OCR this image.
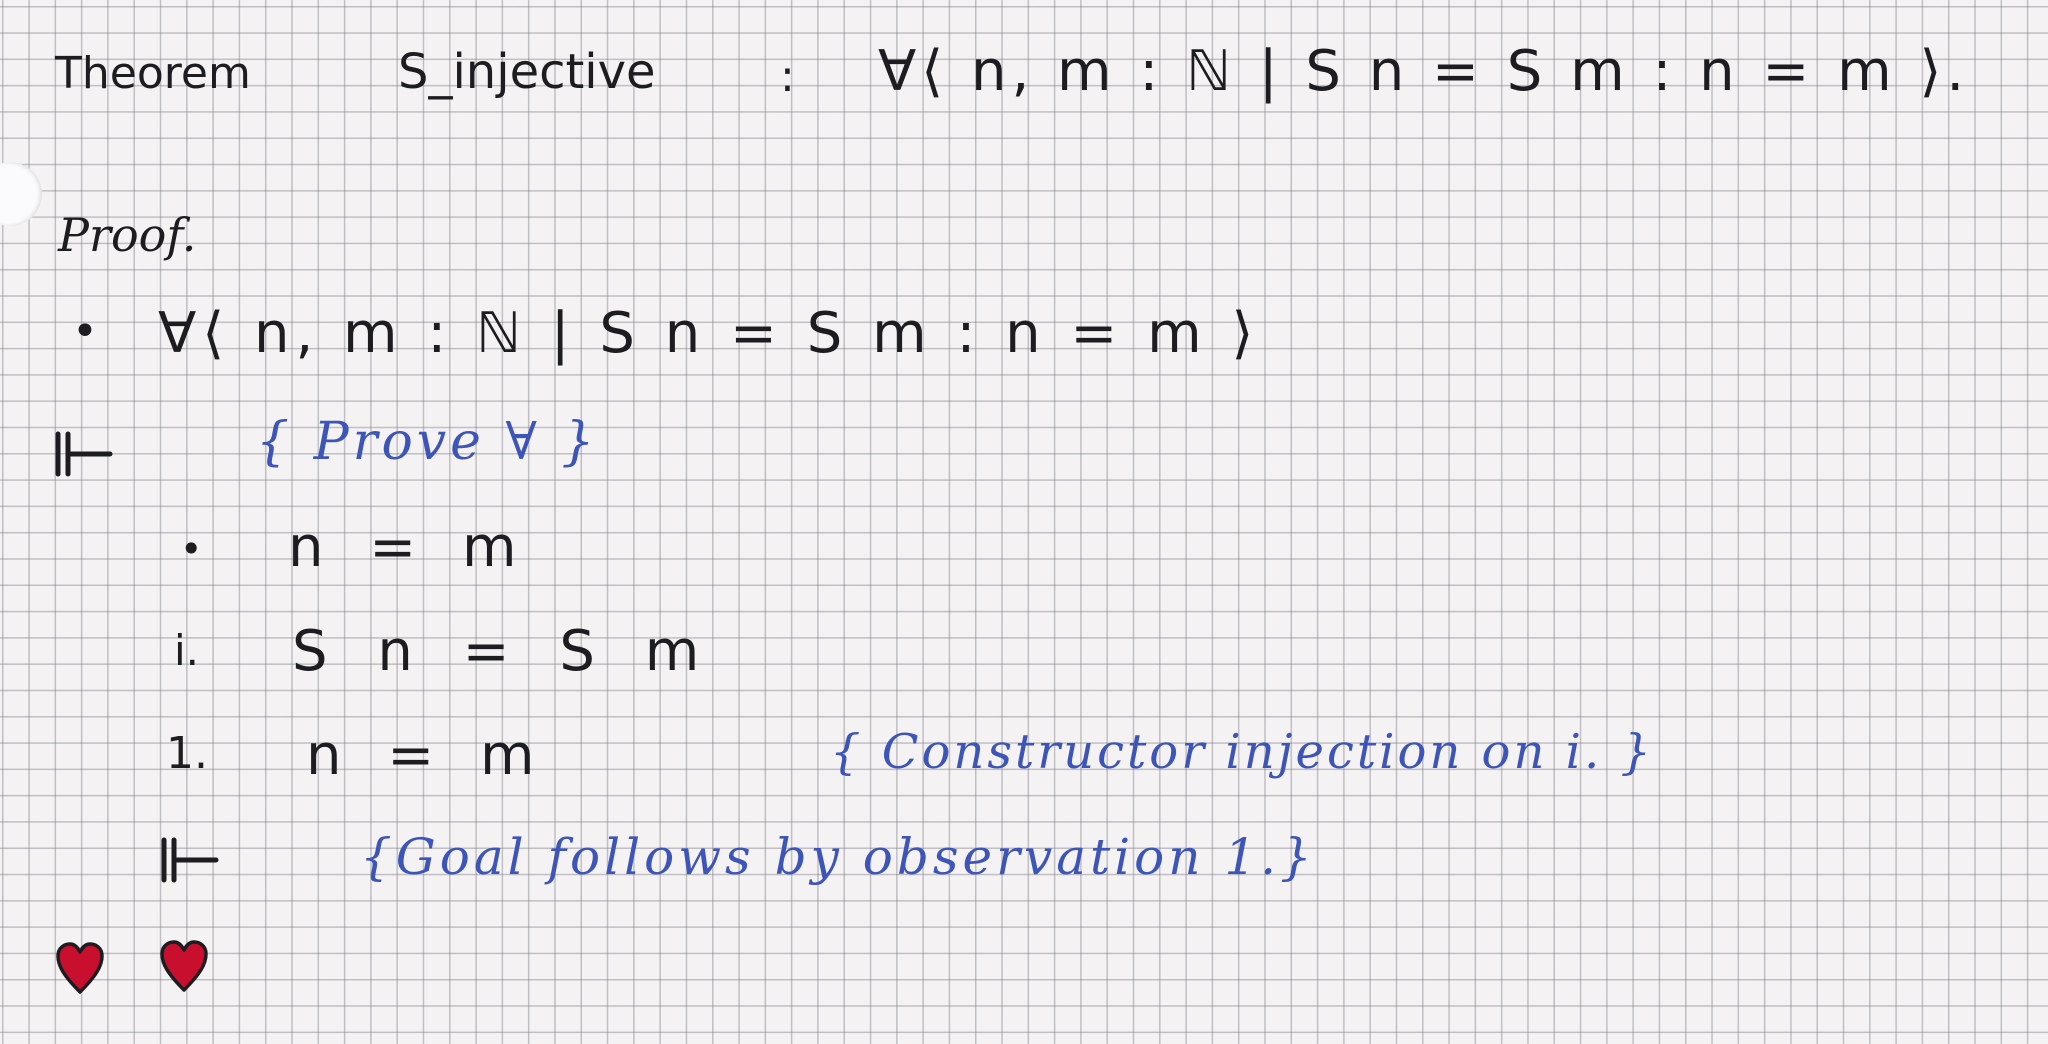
Theorem	S_injective	: ∀⟨ n, m : ℕ | S n = S m : n = m ⟩.
Proof.
• ∀⟨ n, m : ℕ | S n = S m : n = m ⟩
{ Prove ∀ }
• n = m
i. S n = S m
1. n = m	{ Constructor injection on i. }
{Goal follows by observation 1.}
